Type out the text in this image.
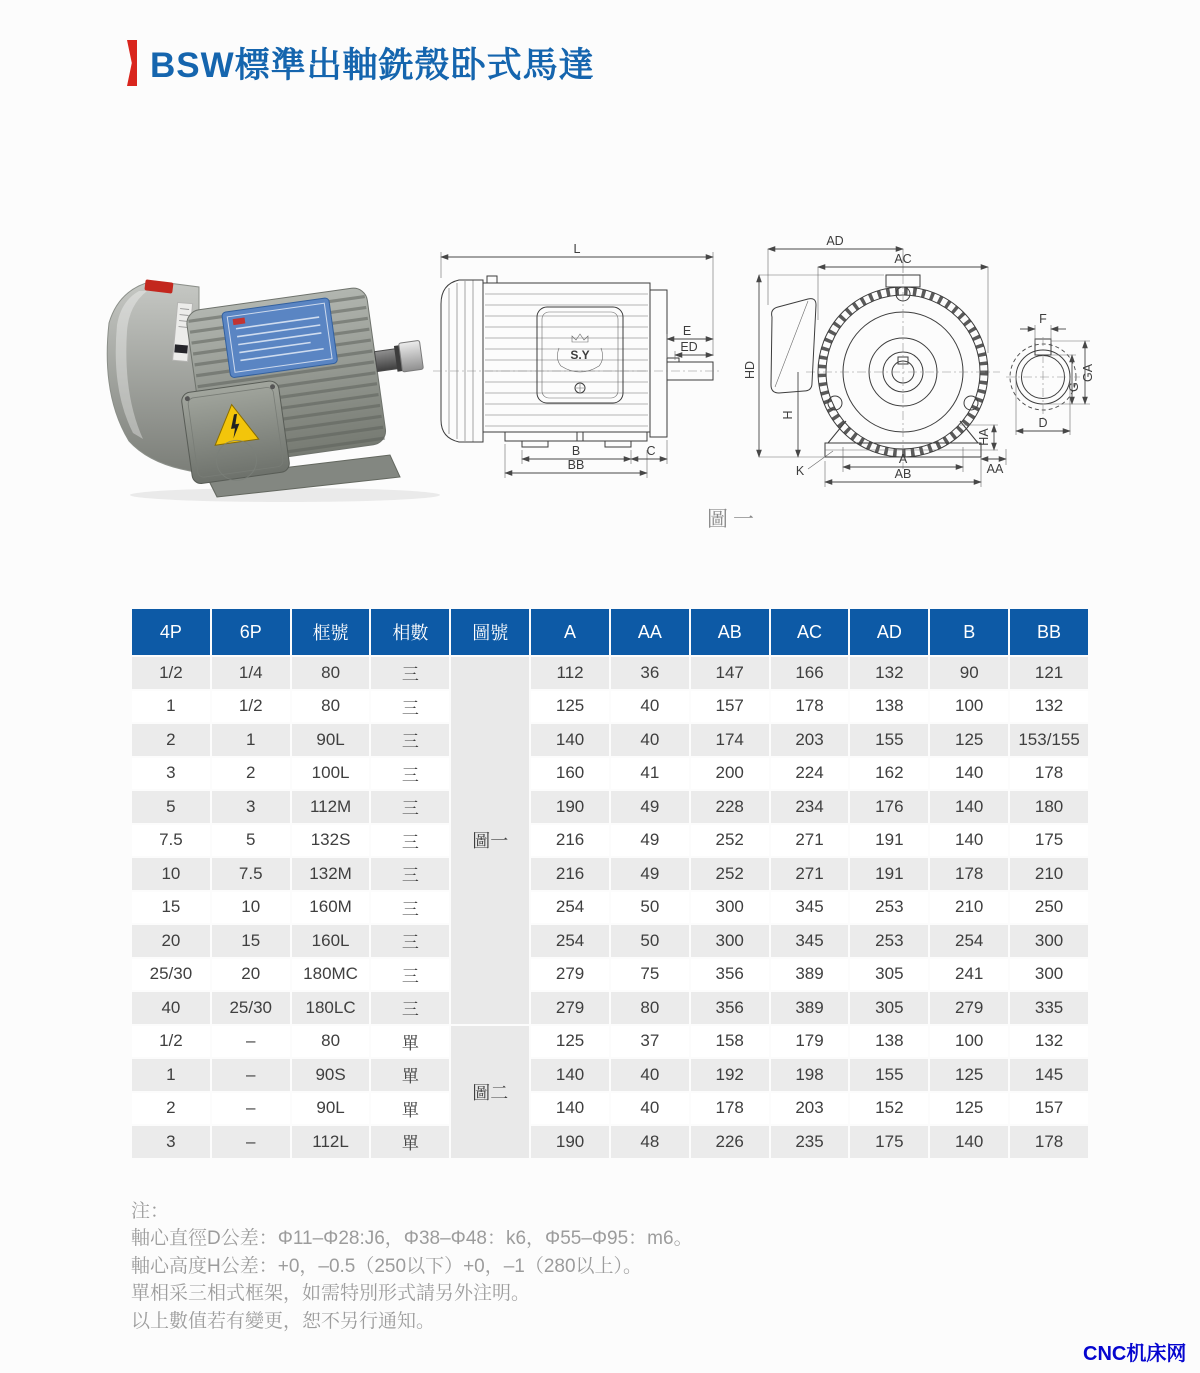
BSW標準出軸銑殼卧式馬達
S.Y
L
E
ED
B	C
BB
AD
AC
HD
H
K
A
AB
HA
AA
F
GA
G
D
圖一
4P	6P	框號	相數	圖號	A	AA	AB	AC	AD	B	BB
1/2	1/4	80	三	圖一	112	36	147	166	132	90	121
1	1/2	80	三		125	40	157	178	138	100	132
2	1	90L	三		140	40	174	203	155	125	153/155
3	2	100L	三		160	41	200	224	162	140	178
5	3	112M	三		190	49	228	234	176	140	180
7.5	5	132S	三		216	49	252	271	191	140	175
10	7.5	132M	三		216	49	252	271	191	178	210
15	10	160M	三		254	50	300	345	253	210	250
20	15	160L	三		254	50	300	345	253	254	300
25/30	20	180MC	三		279	75	356	389	305	241	300
40	25/30	180LC	三		279	80	356	389	305	279	335
1/2	–	80	單	圖二	125	37	158	179	138	100	132
1	–	90S	單		140	40	192	198	155	125	145
2	–	90L	單		140	40	178	203	152	125	157
3	–	112L	單		190	48	226	235	175	140	178
注：
軸心直徑D公差：Φ11–Φ28:J6，Φ38–Φ48：k6，Φ55–Φ95：m6。
軸心高度H公差：+0，–0.5（250以下）+0，–1（280以上）。
單相采三相式框架，如需特別形式請另外注明。
以上數值若有變更，恕不另行通知。
CNC机床网
